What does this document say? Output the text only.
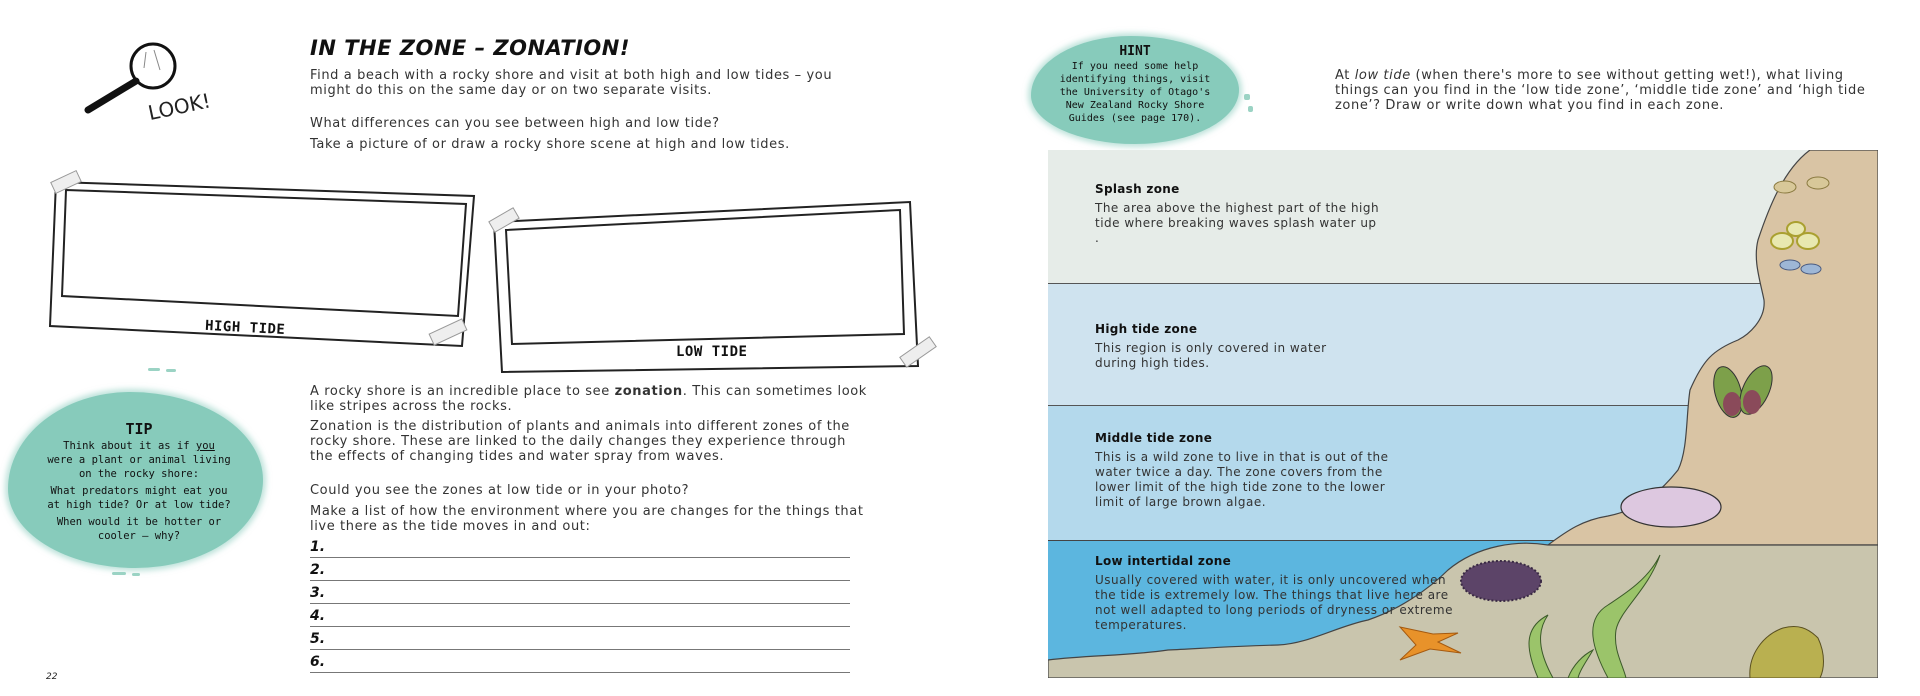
LOOK!
IN THE ZONE – ZONATION!
Find a beach with a rocky shore and visit at both high and low tides – you might do this on the same day or on two separate visits.
What differences can you see between high and low tide?
Take a picture of or draw a rocky shore scene at high and low tides.
HIGH TIDE
LOW TIDE
TIP
Think about it as if you
were a plant or animal living
on the rocky shore:
What predators might eat you
at high tide? Or at low tide?
When would it be hotter or
cooler – why?
A rocky shore is an incredible place to see zonation. This can sometimes look like stripes across the rocks.
Zonation is the distribution of plants and animals into different zones of the rocky shore. These are linked to the daily changes they experience through the effects of changing tides and water spray from waves.
Could you see the zones at low tide or in your photo?
Make a list of how the environment where you are changes for the things that live there as the tide moves in and out:
1.
2.
3.
4.
5.
6.
22
HINT
If you need some help
identifying things, visit
the University of Otago's
New Zealand Rocky Shore
Guides (see page 170).
At low tide (when there's more to see without getting wet!), what living things can you find in the ‘low tide zone’, ‘middle tide zone’ and ‘high tide zone’? Draw or write down what you find in each zone.
Splash zone
The area above the highest part of the high tide where breaking waves splash water up .
High tide zone
This region is only covered in water during high tides.
Middle tide zone
This is a wild zone to live in that is out of the water twice a day. The zone covers from the lower limit of the high tide zone to the lower limit of large brown algae.
Low intertidal zone
Usually covered with water, it is only uncovered when the tide is extremely low. The things that live here are not well adapted to long periods of dryness or extreme temperatures.
